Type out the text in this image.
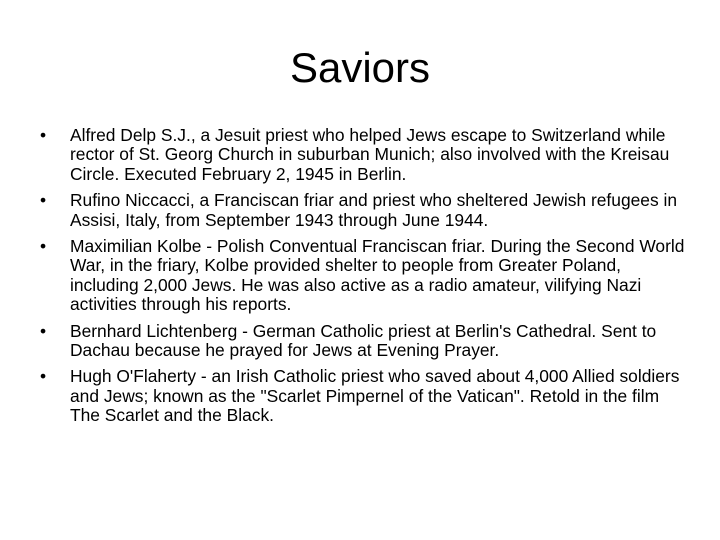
Saviors
• Alfred Delp S.J., a Jesuit priest who helped Jews escape to Switzerland while rector of St. Georg Church in suburban Munich; also involved with the Kreisau Circle. Executed February 2, 1945 in Berlin.
• Rufino Niccacci, a Franciscan friar and priest who sheltered Jewish refugees in Assisi, Italy, from September 1943 through June 1944.
• Maximilian Kolbe - Polish Conventual Franciscan friar. During the Second World War, in the friary, Kolbe provided shelter to people from Greater Poland, including 2,000 Jews. He was also active as a radio amateur, vilifying Nazi activities through his reports.
• Bernhard Lichtenberg - German Catholic priest at Berlin's Cathedral. Sent to Dachau because he prayed for Jews at Evening Prayer.
• Hugh O'Flaherty - an Irish Catholic priest who saved about 4,000 Allied soldiers and Jews; known as the "Scarlet Pimpernel of the Vatican". Retold in the film The Scarlet and the Black.
